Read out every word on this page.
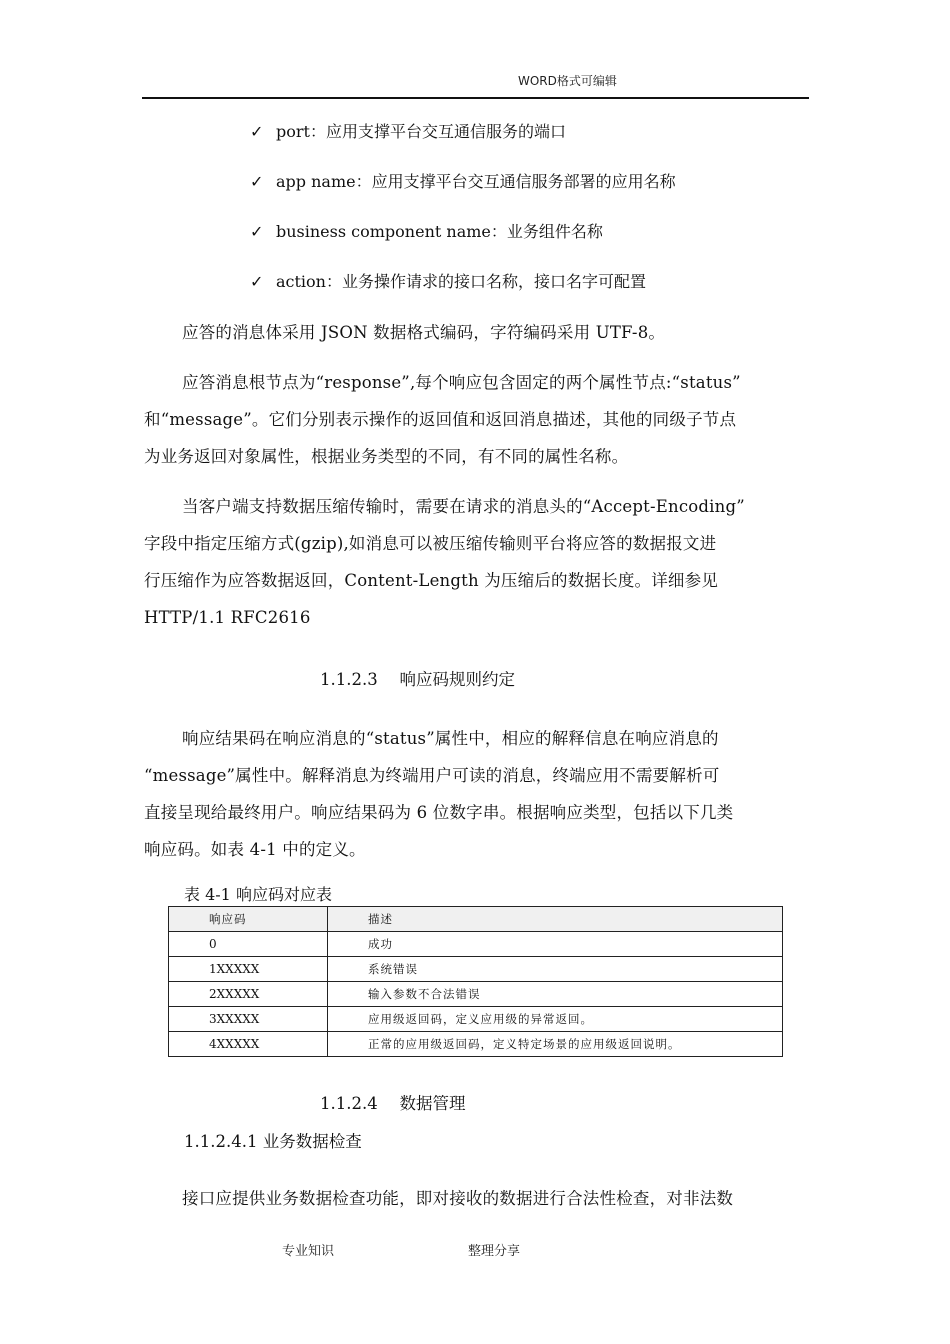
WORD格式可编辑
✓ port：应用支撑平台交互通信服务的端口
✓ app name：应用支撑平台交互通信服务部署的应用名称
✓ business component name：业务组件名称
✓ action：业务操作请求的接口名称，接口名字可配置
应答的消息体采用 JSON 数据格式编码，字符编码采用 UTF-8。
应答消息根节点为“response”,每个响应包含固定的两个属性节点:“status”
和“message”。它们分别表示操作的返回值和返回消息描述，其他的同级子节点
为业务返回对象属性，根据业务类型的不同，有不同的属性名称。
当客户端支持数据压缩传输时，需要在请求的消息头的“Accept-Encoding”
字段中指定压缩方式(gzip),如消息可以被压缩传输则平台将应答的数据报文进
行压缩作为应答数据返回，Content-Length 为压缩后的数据长度。详细参见
HTTP/1.1 RFC2616
1.1.2.3　 响应码规则约定
响应结果码在响应消息的“status”属性中，相应的解释信息在响应消息的
“message”属性中。解释消息为终端用户可读的消息，终端应用不需要解析可
直接呈现给最终用户。响应结果码为 6 位数字串。根据响应类型，包括以下几类
响应码。如表 4-1 中的定义。
表 4-1 响应码对应表
响应码	描述
0	成功
1XXXXX	系统错误
2XXXXX	输入参数不合法错误
3XXXXX	应用级返回码，定义应用级的异常返回。
4XXXXX	正常的应用级返回码，定义特定场景的应用级返回说明。
1.1.2.4　 数据管理
1.1.2.4.1 业务数据检查
接口应提供业务数据检查功能，即对接收的数据进行合法性检查，对非法数
专业知识	整理分享
